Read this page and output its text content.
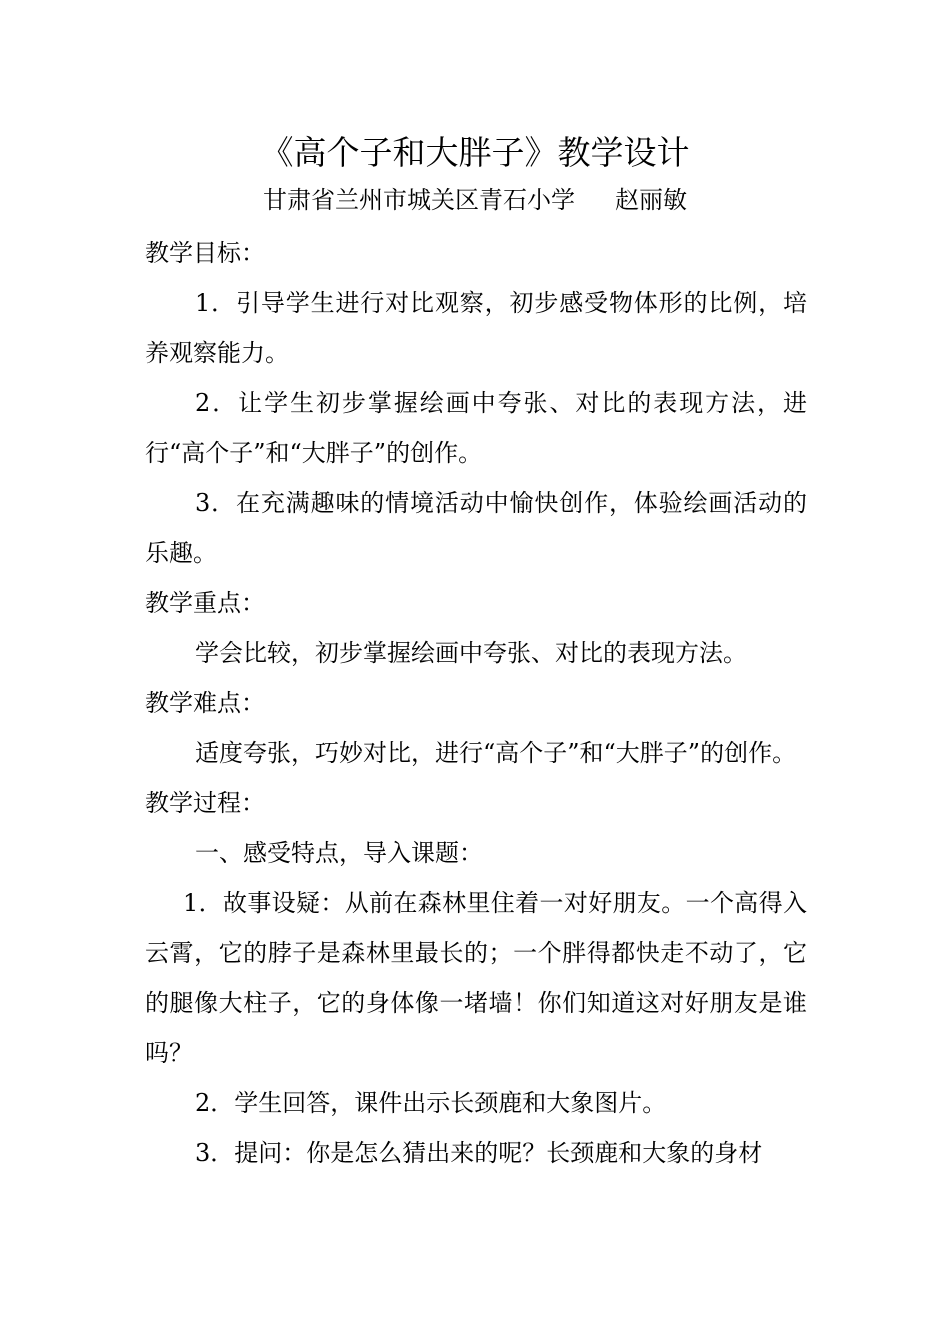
《高个子和大胖子》教学设计
甘肃省兰州市城关区青石小学 赵丽敏

教学目标：

1．引导学生进行对比观察，初步感受物体形的比例，培养观察能力。

2．让学生初步掌握绘画中夸张、对比的表现方法，进行“高个子”和“大胖子”的创作。

3．在充满趣味的情境活动中愉快创作，体验绘画活动的乐趣。

教学重点：

学会比较，初步掌握绘画中夸张、对比的表现方法。

教学难点：

适度夸张，巧妙对比，进行“高个子”和“大胖子”的创作。

教学过程：

一、感受特点，导入课题：

1．故事设疑：从前在森林里住着一对好朋友。一个高得入云霄，它的脖子是森林里最长的；一个胖得都快走不动了，它的腿像大柱子，它的身体像一堵墙！你们知道这对好朋友是谁吗？

2．学生回答，课件出示长颈鹿和大象图片。

3．提问：你是怎么猜出来的呢？长颈鹿和大象的身材
